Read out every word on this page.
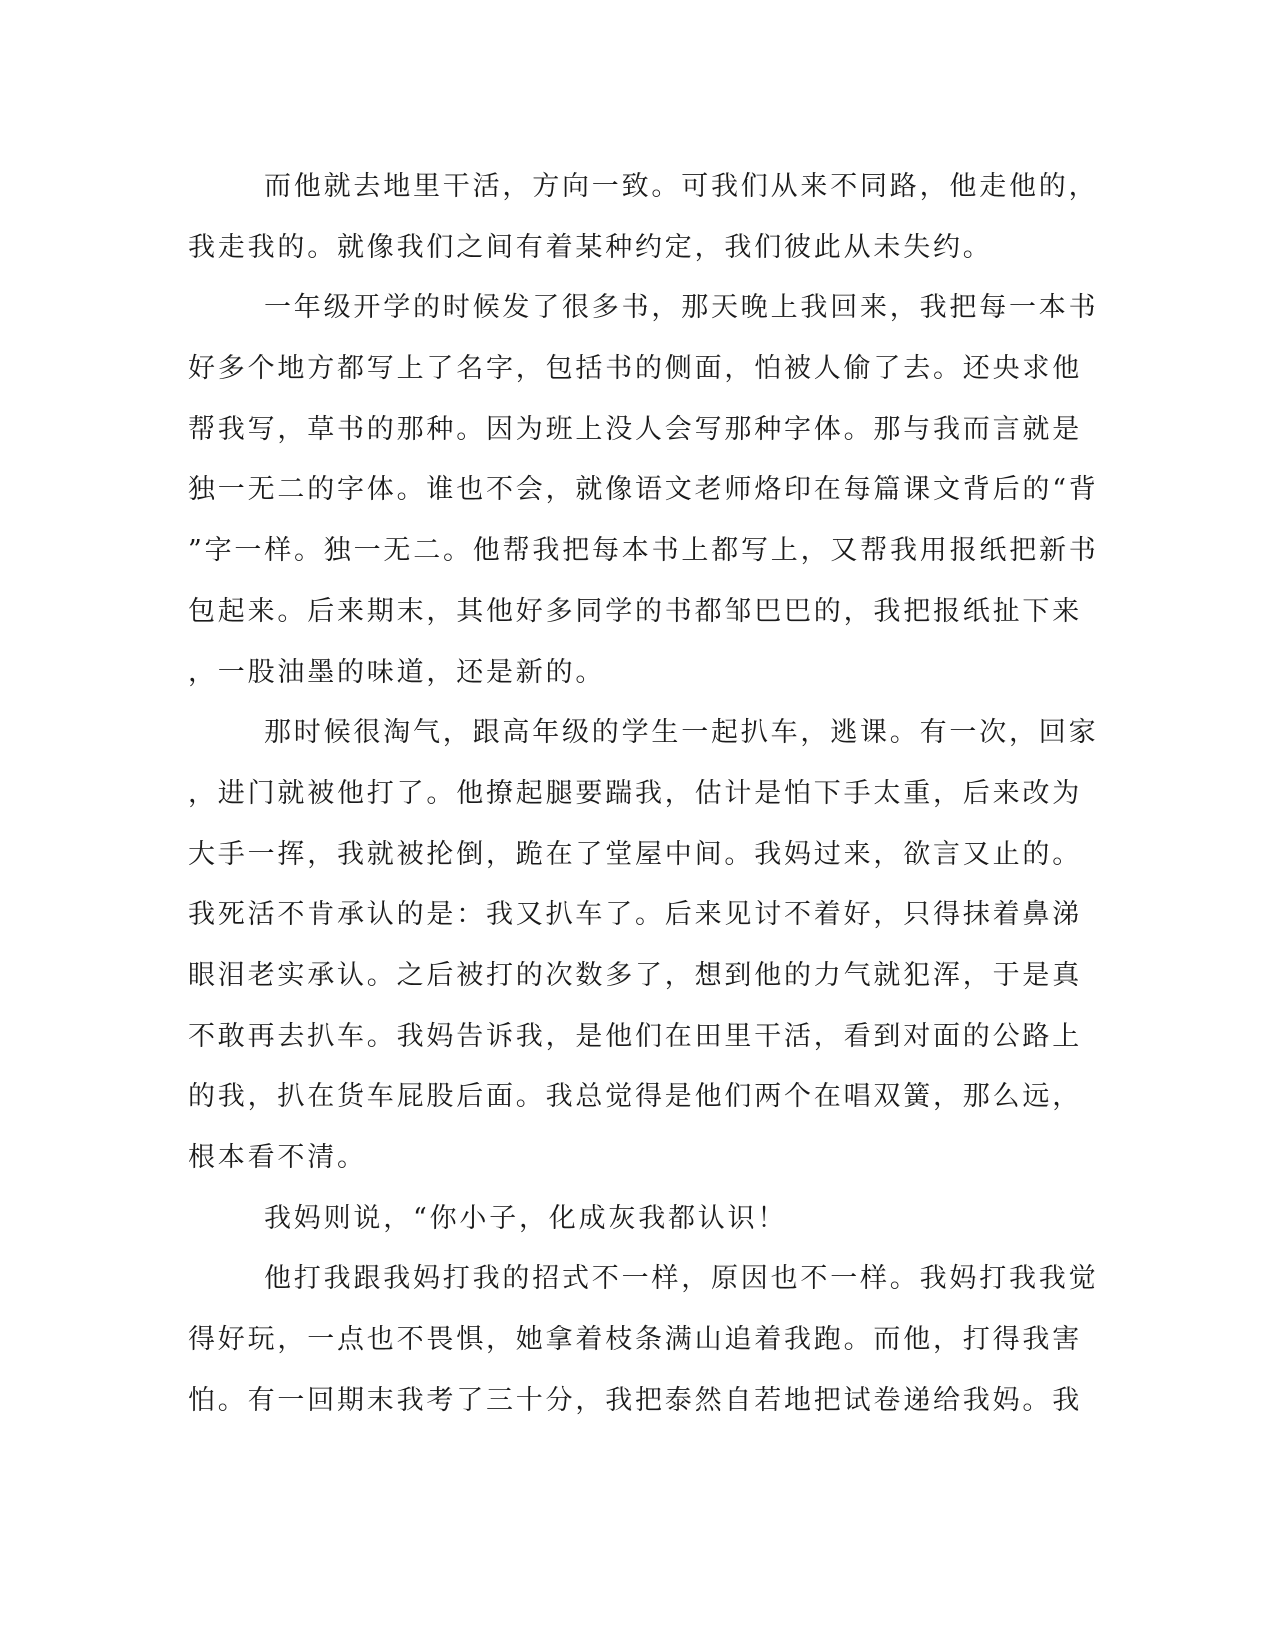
而他就去地里干活，方向一致。可我们从来不同路，他走他的，
我走我的。就像我们之间有着某种约定，我们彼此从未失约。
一年级开学的时候发了很多书，那天晚上我回来，我把每一本书
好多个地方都写上了名字，包括书的侧面，怕被人偷了去。还央求他
帮我写，草书的那种。因为班上没人会写那种字体。那与我而言就是
独一无二的字体。谁也不会，就像语文老师烙印在每篇课文背后的“背
”字一样。独一无二。他帮我把每本书上都写上，又帮我用报纸把新书
包起来。后来期末，其他好多同学的书都邹巴巴的，我把报纸扯下来
，一股油墨的味道，还是新的。
那时候很淘气，跟高年级的学生一起扒车，逃课。有一次，回家
，进门就被他打了。他撩起腿要踹我，估计是怕下手太重，后来改为
大手一挥，我就被抡倒，跪在了堂屋中间。我妈过来，欲言又止的。
我死活不肯承认的是：我又扒车了。后来见讨不着好，只得抹着鼻涕
眼泪老实承认。之后被打的次数多了，想到他的力气就犯浑，于是真
不敢再去扒车。我妈告诉我，是他们在田里干活，看到对面的公路上
的我，扒在货车屁股后面。我总觉得是他们两个在唱双簧，那么远，
根本看不清。
我妈则说，“你小子，化成灰我都认识！
他打我跟我妈打我的招式不一样，原因也不一样。我妈打我我觉
得好玩，一点也不畏惧，她拿着枝条满山追着我跑。而他，打得我害
怕。有一回期末我考了三十分，我把泰然自若地把试卷递给我妈。我
